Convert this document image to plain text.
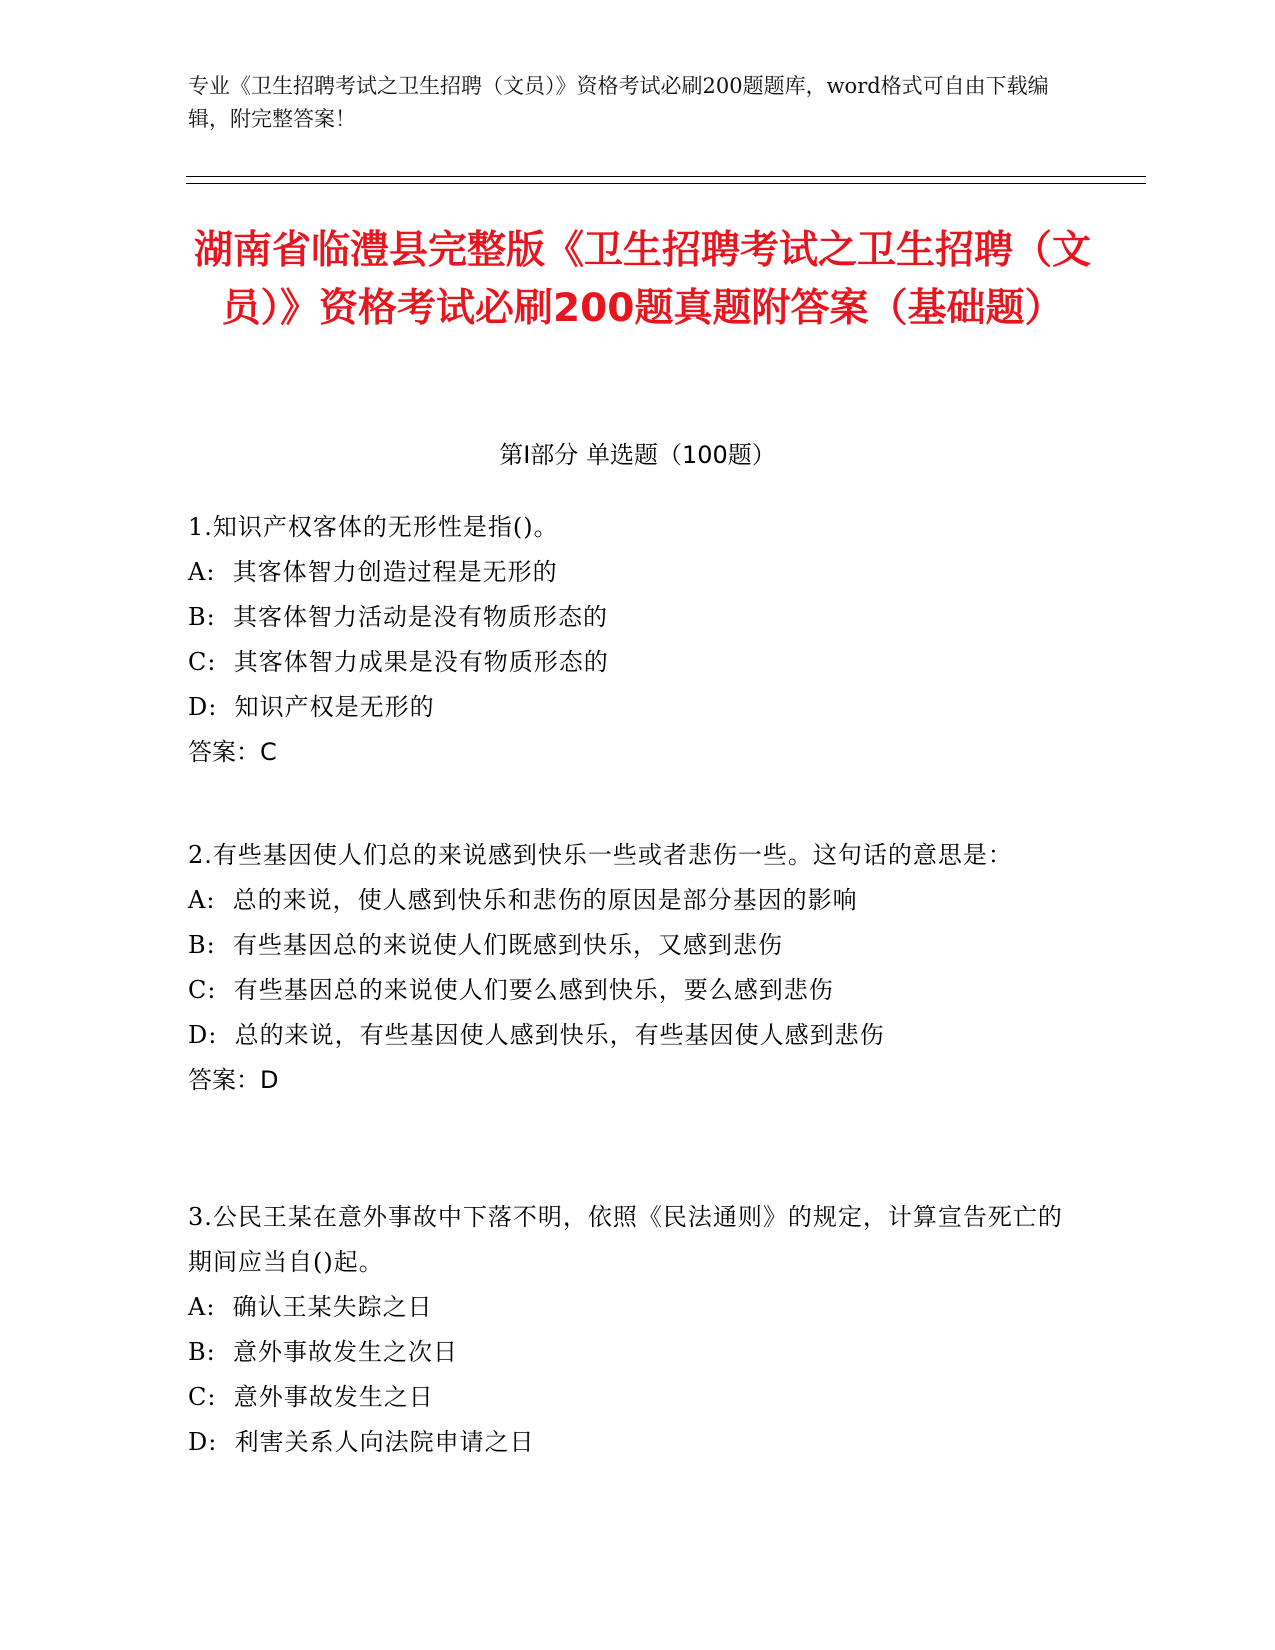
专业《卫生招聘考试之卫生招聘（文员）》资格考试必刷200题题库，word格式可自由下载编辑，附完整答案！
湖南省临澧县完整版《卫生招聘考试之卫生招聘（文员）》资格考试必刷200题真题附答案（基础题）
第Ⅰ部分 单选题（100题）
1.知识产权客体的无形性是指()。
A:  其客体智力创造过程是无形的
B:  其客体智力活动是没有物质形态的
C:  其客体智力成果是没有物质形态的
D:  知识产权是无形的
答案：C
2.有些基因使人们总的来说感到快乐一些或者悲伤一些。这句话的意思是：
A:  总的来说，使人感到快乐和悲伤的原因是部分基因的影响
B:  有些基因总的来说使人们既感到快乐，又感到悲伤
C:  有些基因总的来说使人们要么感到快乐，要么感到悲伤
D:  总的来说，有些基因使人感到快乐，有些基因使人感到悲伤
答案：D
3.公民王某在意外事故中下落不明，依照《民法通则》的规定，计算宣告死亡的期间应当自()起。
A:  确认王某失踪之日
B:  意外事故发生之次日
C:  意外事故发生之日
D:  利害关系人向法院申请之日
